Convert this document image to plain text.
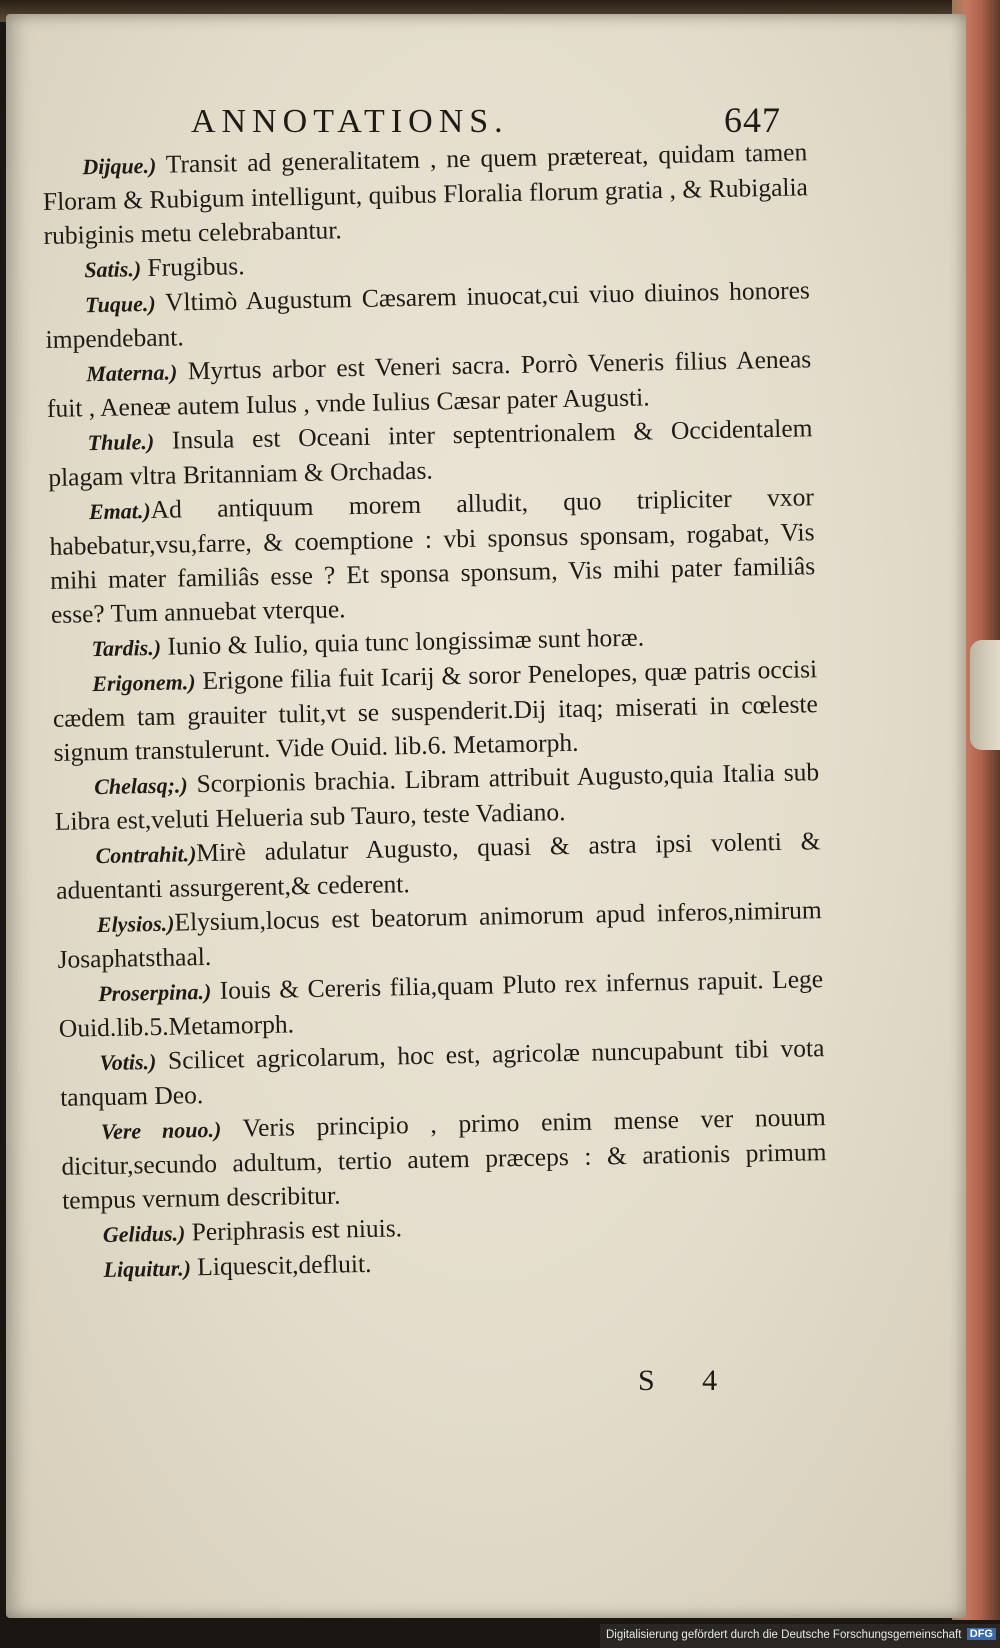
ANNOTATIONS.	647

Dijque.) Transit ad generalitatem , ne quem prætereat, quidam tamen Floram & Rubigum intelligunt, quibus Floralia florum gratia , & Rubigalia rubiginis metu celebrabantur.

Satis.) Frugibus.

Tuque.) Vltimò Augustum Cæsarem inuocat,cui viuo diuinos honores impendebant.

Materna.) Myrtus arbor est Veneri sacra. Porrò Veneris filius Aeneas fuit , Aeneæ autem Iulus , vnde Iulius Cæsar pater Augusti.

Thule.) Insula est Oceani inter septentrionalem & Occidentalem plagam vltra Britanniam & Orchadas.

Emat.)Ad antiquum morem alludit, quo tripliciter vxor habebatur,vsu,farre, & coemptione : vbi sponsus sponsam, rogabat, Vis mihi mater familiâs esse ? Et sponsa sponsum, Vis mihi pater familiâs esse? Tum annuebat vterque.

Tardis.) Iunio & Iulio, quia tunc longissimæ sunt horæ.

Erigonem.) Erigone filia fuit Icarij & soror Penelopes, quæ patris occisi cædem tam grauiter tulit,vt se suspenderit.Dij itaq; miserati in cœleste signum transtulerunt. Vide Ouid. lib.6. Metamorph.

Chelasq;.) Scorpionis brachia. Libram attribuit Augusto,quia Italia sub Libra est,veluti Helueria sub Tauro, teste Vadiano.

Contrahit.)Mirè adulatur Augusto, quasi & astra ipsi volenti & aduentanti assurgerent,& cederent.

Elysios.)Elysium,locus est beatorum animorum apud inferos,nimirum Josaphatsthaal.

Proserpina.) Iouis & Cereris filia,quam Pluto rex infernus rapuit. Lege Ouid.lib.5.Metamorph.

Votis.) Scilicet agricolarum, hoc est, agricolæ nuncupabunt tibi vota tanquam Deo.

Vere nouo.) Veris principio , primo enim mense ver nouum dicitur,secundo adultum, tertio autem præceps : & arationis primum tempus vernum describitur.

Gelidus.) Periphrasis est niuis.

Liquitur.) Liquescit,defluit.

S 4
Digitalisierung gefördert durch die Deutsche Forschungsgemeinschaft DFG
